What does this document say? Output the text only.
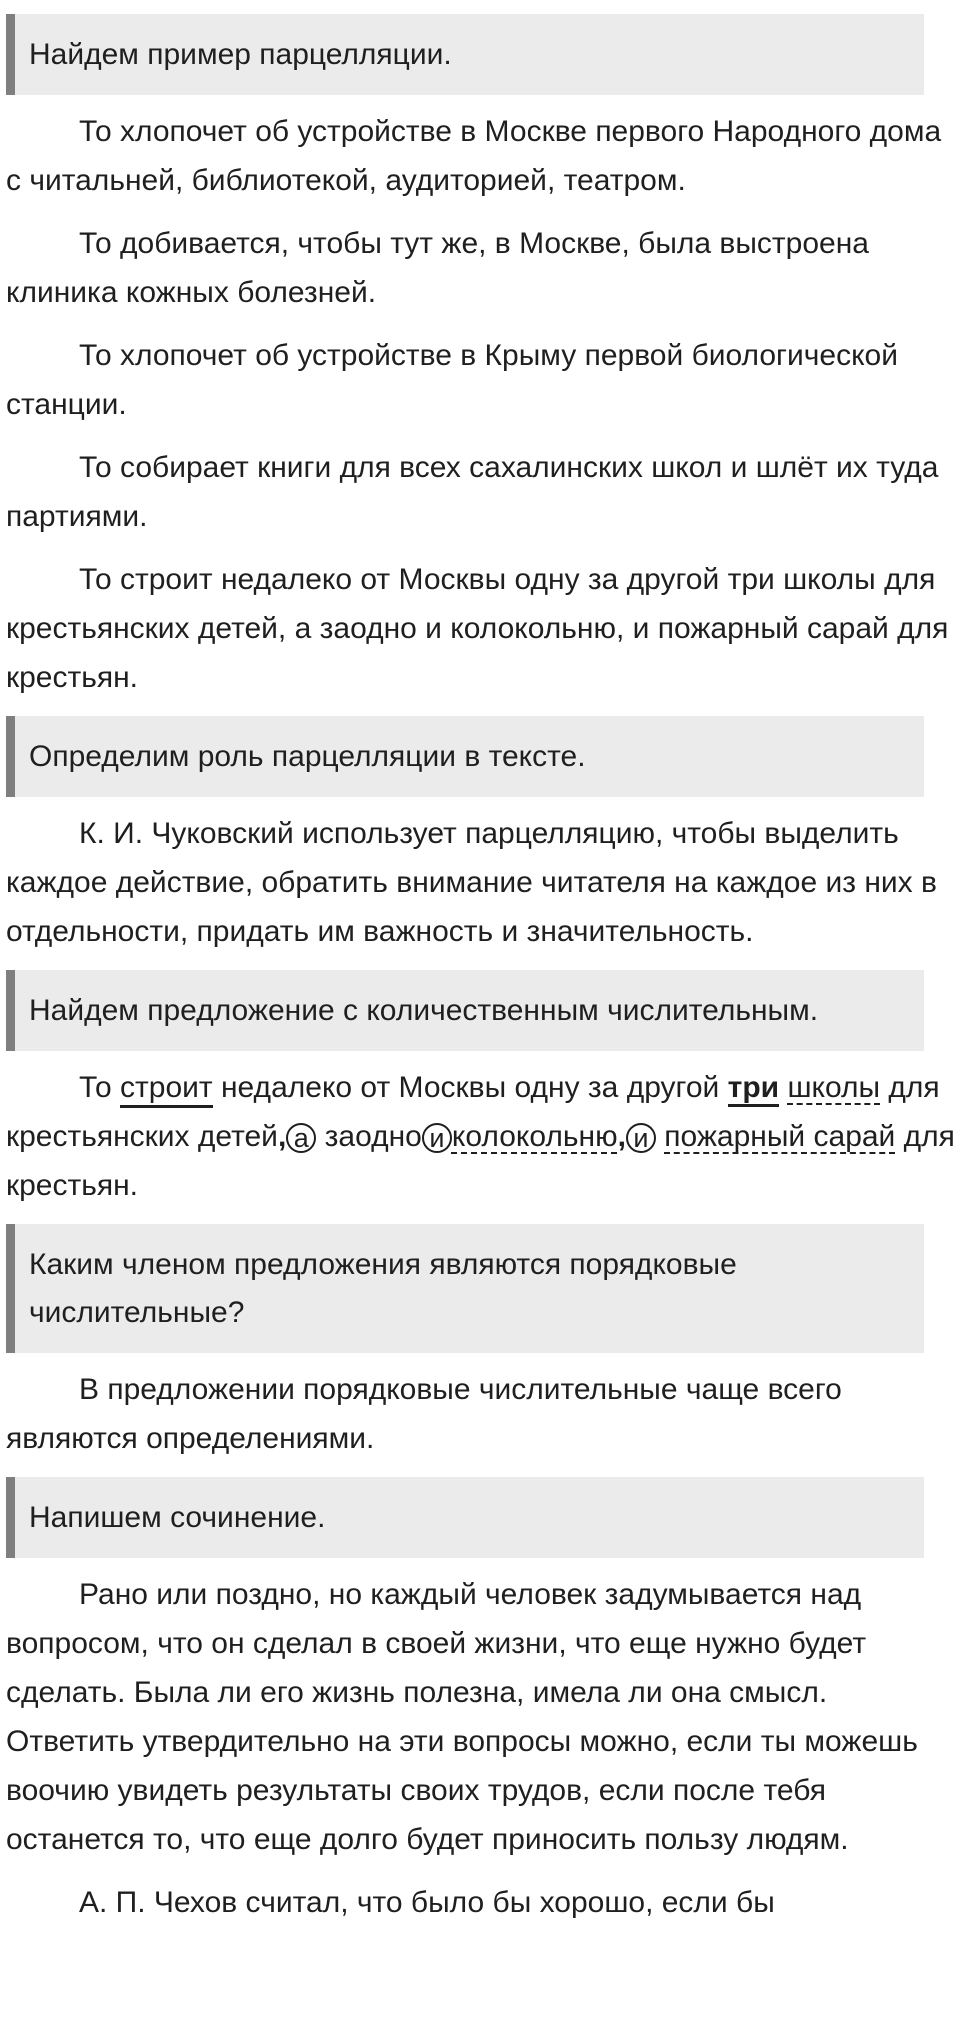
Найдем пример парцелляции.

То хлопочет об устройстве в Москве первого Народного дома с читальней, библиотекой, аудиторией, театром.

То добивается, чтобы тут же, в Москве, была выстроена клиника кожных болезней.

То хлопочет об устройстве в Крыму первой биологической станции.

То собирает книги для всех сахалинских школ и шлёт их туда партиями.

То строит недалеко от Москвы одну за другой три школы для крестьянских детей, а заодно и колокольню, и пожарный сарай для крестьян.

Определим роль парцелляции в тексте.

К. И. Чуковский использует парцелляцию, чтобы выделить каждое действие, обратить внимание читателя на каждое из них в отдельности, придать им важность и значительность.

Найдем предложение с количественным числительным.

То строит недалеко от Москвы одну за другой три школы для крестьянских детей, а заодно и колокольню, и пожарный сарай для крестьян.

Каким членом предложения являются порядковые числительные?

В предложении порядковые числительные чаще всего являются определениями.

Напишем сочинение.

Рано или поздно, но каждый человек задумывается над вопросом, что он сделал в своей жизни, что еще нужно будет сделать. Была ли его жизнь полезна, имела ли она смысл. Ответить утвердительно на эти вопросы можно, если ты можешь воочию увидеть результаты своих трудов, если после тебя останется то, что еще долго будет приносить пользу людям.

А. П. Чехов считал, что было бы хорошо, если бы
